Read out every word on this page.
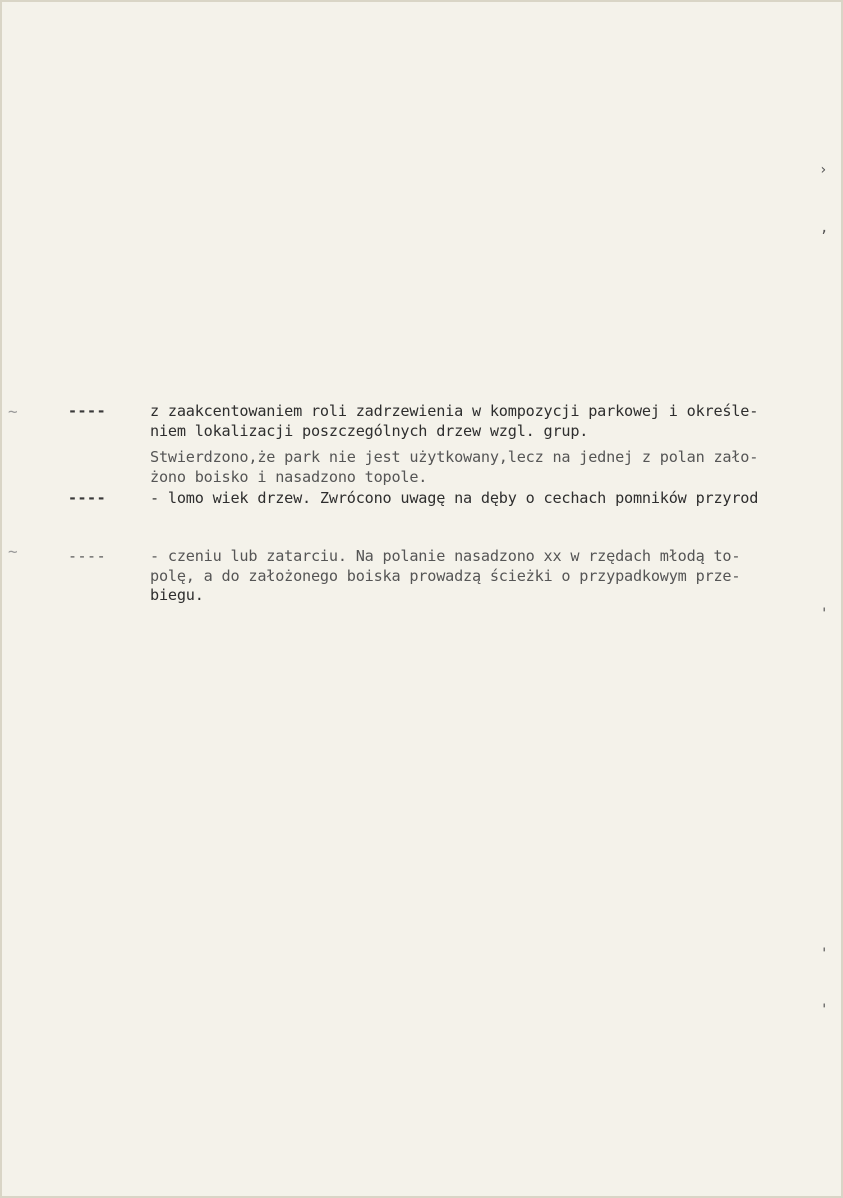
----	z zaakcentowaniem roli zadrzewienia w kompozycji parkowej i określe-
niem lokalizacji poszczególnych drzew wzgl. grup.
Stwierdzono,że park nie jest użytkowany,lecz na jednej z polan zało-
żono boisko i nasadzono topole.
----	- lomo wiek drzew. Zwrócono uwagę na dęby o cechach pomników przyrod
----	- czeniu lub zatarciu. Na polanie nasadzono xx w rzędach młodą to-
polę, a do założonego boiska prowadzą ścieżki o przypadkowym prze-
biegu.
›
,
'
'
'
~
~
